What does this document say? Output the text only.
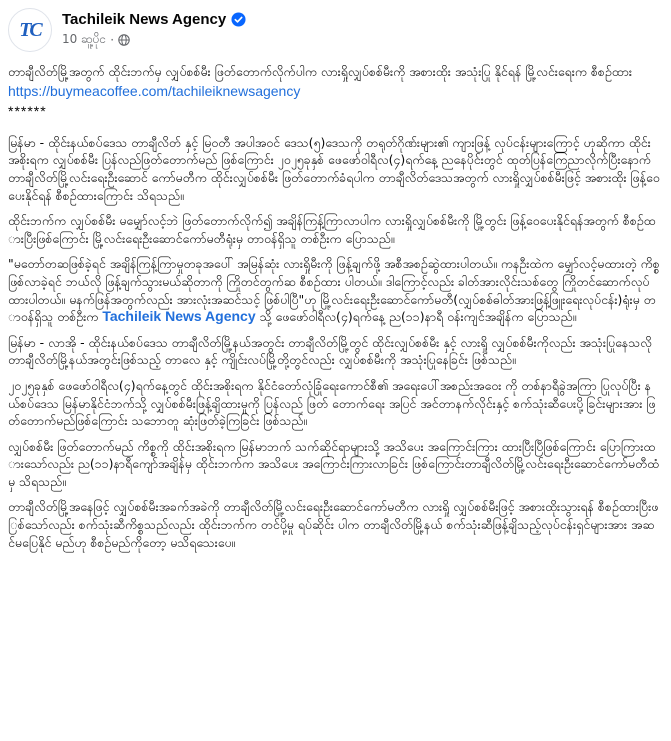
TC Tachileik News Agency
10 ဆူ့ပိုင ·

တာချီလိတ်မြို့အတွက် ထိုင်းဘက်မှ လျှပ်စစ်မီး ဖြတ်တောက်လိုက်ပါက လားရှိုလျှပ်စစ်မီးကို အစားထိုး အသုံးပြု နိုင်ရန် မြို့လင်းရေးက စီစဉ်ထား

https://buymeacoffee.com/tachileiknewsagency
******

မြန်မာ - ထိုင်းနယ်စပ်ဒေသ တာချီလိတ် နှင့် မြဝတီ အပါအဝင် ဒေသ(၅)ဒေသကို တရုတ်ဂိုဏ်းများ၏ ကျားဖြန့် လုပ်ငန်းများကြောင့် ဟုဆိုကာ ထိုင်းအစိုးရက လျှပ်စစ်မီး ပြန်လည်ဖြတ်တောက်မည် ဖြစ်ကြောင်း ၂၀၂၅ခုနှစ် ဖေဖော်ဝါရီလ(၄)ရက်နေ့ ညနေပိုင်းတွင် ထုတ်ပြန်ကြေညာလိုက်ပြီးနောက် တာချီလိတ်မြို့လင်းရေးဦးဆောင် ကော်မတီက ထိုင်းလျှပ်စစ်မီး ဖြတ်တောက်ခံရပါက တာချီလိတ်ဒေသအတွက် လားရှိုလျှပ်စစ်မီးဖြင့် အစားထိုး ဖြန့်ဝေ ပေးနိုင်ရန် စီစဉ်ထားကြောင်း သိရသည်။

ထိုင်းဘက်က လျှပ်စစ်မီး မမျှော်လင့်ဘဲ ဖြတ်တောက်လိုက်၍ အချိန်ကြန့်ကြာလာပါက လားရှိုလျှပ်စစ်မီးကို မြို့တွင်း ဖြန့်ဝေပေးနိုင်ရန်အတွက် စီစဉ်ထားပြီးဖြစ်ကြောင်း မြို့လင်းရေးဦးဆောင်ကော်မတီရုံးမှ တာဝန်ရှိသူ တစ်ဦးက ပြောသည်။

"မတော်တဆဖြစ်ခဲ့ရင် အချိန်ကြန့်ကြာမှုတခုအပေါ် အမြန်ဆုံး လားရှိုမီးကို ဖြန့်ချက်ဖို့ အစီအစဉ်ဆွဲထားပါတယ်။ ကနဦးထဲက မျှော်လင့်မထားတဲ့ ကိစ္စဖြစ်လာခဲ့ရင် ဘယ်လို ဖြန့်ချက်သွားမယ်ဆိုတာကို ကြိုတင်တွက်ဆ စီစဉ်ထား ပါတယ်။ ဒါကြောင့်လည်း ခါတ်အားလိုင်းသစ်တွေ ကြိုတင်ဆောက်လုပ်ထားပါတယ်။ မနက်ဖြန်အတွက်လည်း အားလုံးအဆင်သင့် ဖြစ်ပါပြီ"ဟု မြို့လင်းရေးဦးဆောင်ကော်မတီ(လျှပ်စစ်ဓါတ်အားဖြန့်ဖြူးရေးလုပ်ငန်း)ရုံးမှ တာဝန်ရှိသူ တစ်ဦးက Tachileik News Agency သို့ ဖေဖော်ဝါရီလ(၄)ရက်နေ့ ည(၁၁)နာရီ ဝန်းကျင်အချိန်က ပြောသည်။

မြန်မာ - လာအို - ထိုင်းနယ်စပ်ဒေသ တာချီလိတ်မြို့နယ်အတွင်း တာချီလိတ်မြို့တွင် ထိုင်းလျှပ်စစ်မီး နှင့် လားရှို လျှပ်စစ်မီးကိုလည်း အသုံးပြုနေသလို တာချီလိတ်မြို့နယ်အတွင်းဖြစ်သည့် တာလေ နှင့် ကျိုင်းလပ်မြို့တို့တွင်လည်း လျှပ်စစ်မီးကို အသုံးပြုနေခြင်း ဖြစ်သည်။

၂၀၂၅ခုနှစ် ဖေဖော်ဝါရီလ(၄)ရက်နေ့တွင် ထိုင်းအစိုးရက နိုင်ငံတော်လုံခြုံရေးကောင်စီ၏ အရေးပေါ်အစည်းအဝေး ကို တစ်နာရီခွဲအကြာ ပြုလုပ်ပြီး နယ်စပ်ဒေသ မြန်မာနိုင်ငံဘက်သို့ လျှပ်စစ်မီးဖြန့်ချိထားမှုကို ပြန်လည် ဖြတ် တောက်ရေး အပြင် အင်တာနက်လိုင်းနှင့် စက်သုံးဆီပေးပို့ခြင်းများအား ဖြတ်တောက်မည်ဖြစ်ကြောင်း သဘောတူ ဆုံးဖြတ်ခဲ့ကြခြင်း ဖြစ်သည်။

လျှပ်စစ်မီး ဖြတ်တောက်မည် ကိစ္စကို ထိုင်းအစိုးရက မြန်မာဘက် သက်ဆိုင်ရာများသို့ အသိပေး အကြောင်းကြား ထားပြီးပြီဖြစ်ကြောင်း ပြောကြားထားသော်လည်း ည(၁၁)နာရီကျော်အချိန်မှ ထိုင်းဘက်က အသိပေး အကြောင်းကြားလာခြင်း ဖြစ်ကြောင်းတာချီလိတ်မြို့လင်းရေးဦးဆောင်ကော်မတီထံမှ သိရသည်။

တာချီလိတ်မြို့အနေဖြင့် လျှပ်စစ်မီးအခက်အခဲကို တာချီလိတ်မြို့လင်းရေးဦးဆောင်ကော်မတီက လားရှို လျှပ်စစ်မီးဖြင့် အစားထိုးသွားရန် စီစဉ်ထားပြီးဖြစ်သော်လည်း စက်သုံးဆီကိစ္စသည်လည်း ထိုင်းဘက်က တင်ပို့မှု ရပ်ဆိုင်း ပါက တာချီလိတ်မြို့နယ် စက်သုံးဆီဖြန့်ချိသည့်လုပ်ငန်းရှင်များအား အဆင်မပြေနိုင် မည်ဟု စီစဉ်မည်ကိုတော့ မသိရသေးပေ။
